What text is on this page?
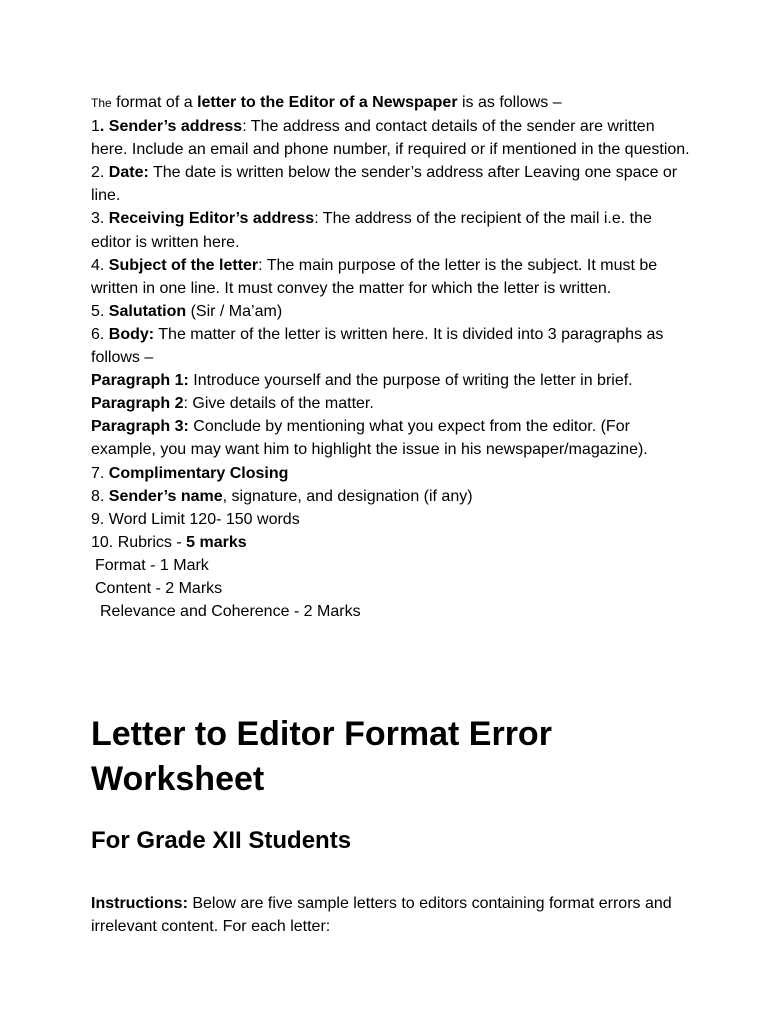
The format of a letter to the Editor of a Newspaper is as follows –

1. Sender’s address: The address and contact details of the sender are written here. Include an email and phone number, if required or if mentioned in the question.

2. Date: The date is written below the sender’s address after Leaving one space or line.

3. Receiving Editor’s address: The address of the recipient of the mail i.e. the editor is written here.

4. Subject of the letter: The main purpose of the letter is the subject. It must be written in one line. It must convey the matter for which the letter is written.

5. Salutation (Sir / Ma’am)

6. Body: The matter of the letter is written here. It is divided into 3 paragraphs as follows –

Paragraph 1: Introduce yourself and the purpose of writing the letter in brief.

Paragraph 2: Give details of the matter.

Paragraph 3: Conclude by mentioning what you expect from the editor. (For example, you may want him to highlight the issue in his newspaper/magazine).

7. Complimentary Closing

8. Sender’s name, signature, and designation (if any)

9. Word Limit 120- 150 words

10. Rubrics - 5 marks

Format - 1 Mark

Content - 2 Marks

Relevance and Coherence - 2 Marks

Letter to Editor Format Error Worksheet
For Grade XII Students

Instructions: Below are five sample letters to editors containing format errors and irrelevant content. For each letter:
